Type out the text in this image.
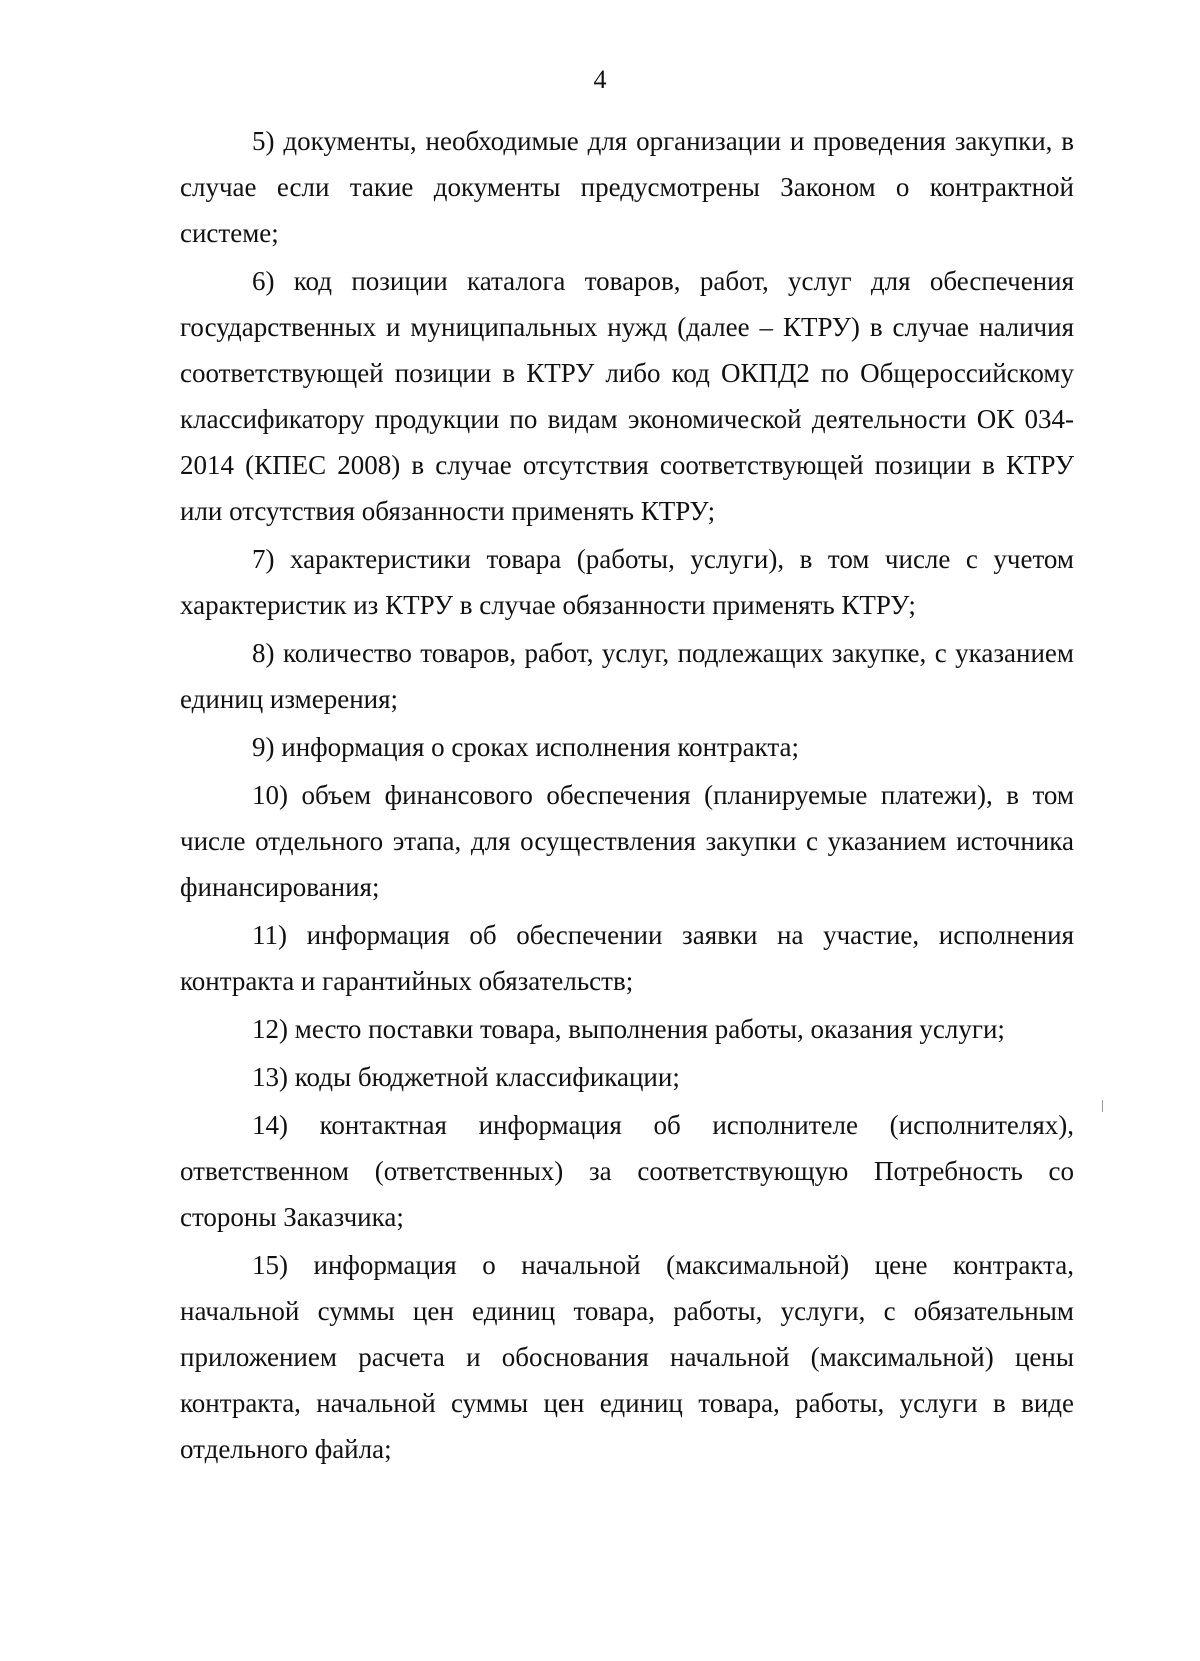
4

5) документы, необходимые для организации и проведения закупки, в случае если такие документы предусмотрены Законом о контрактной системе;

6) код позиции каталога товаров, работ, услуг для обеспечения государственных и муниципальных нужд (далее – КТРУ) в случае наличия соответствующей позиции в КТРУ либо код ОКПД2 по Общероссийскому классификатору продукции по видам экономической деятельности ОК 034-2014 (КПЕС 2008) в случае отсутствия соответствующей позиции в КТРУ или отсутствия обязанности применять КТРУ;

7) характеристики товара (работы, услуги), в том числе с учетом характеристик из КТРУ в случае обязанности применять КТРУ;

8) количество товаров, работ, услуг, подлежащих закупке, с указанием единиц измерения;

9) информация о сроках исполнения контракта;

10) объем финансового обеспечения (планируемые платежи), в том числе отдельного этапа, для осуществления закупки с указанием источника финансирования;

11) информация об обеспечении заявки на участие, исполнения контракта и гарантийных обязательств;

12) место поставки товара, выполнения работы, оказания услуги;

13) коды бюджетной классификации;

14) контактная информация об исполнителе (исполнителях), ответственном (ответственных) за соответствующую Потребность со стороны Заказчика;

15) информация о начальной (максимальной) цене контракта, начальной суммы цен единиц товара, работы, услуги, с обязательным приложением расчета и обоснования начальной (максимальной) цены контракта, начальной суммы цен единиц товара, работы, услуги в виде отдельного файла;
